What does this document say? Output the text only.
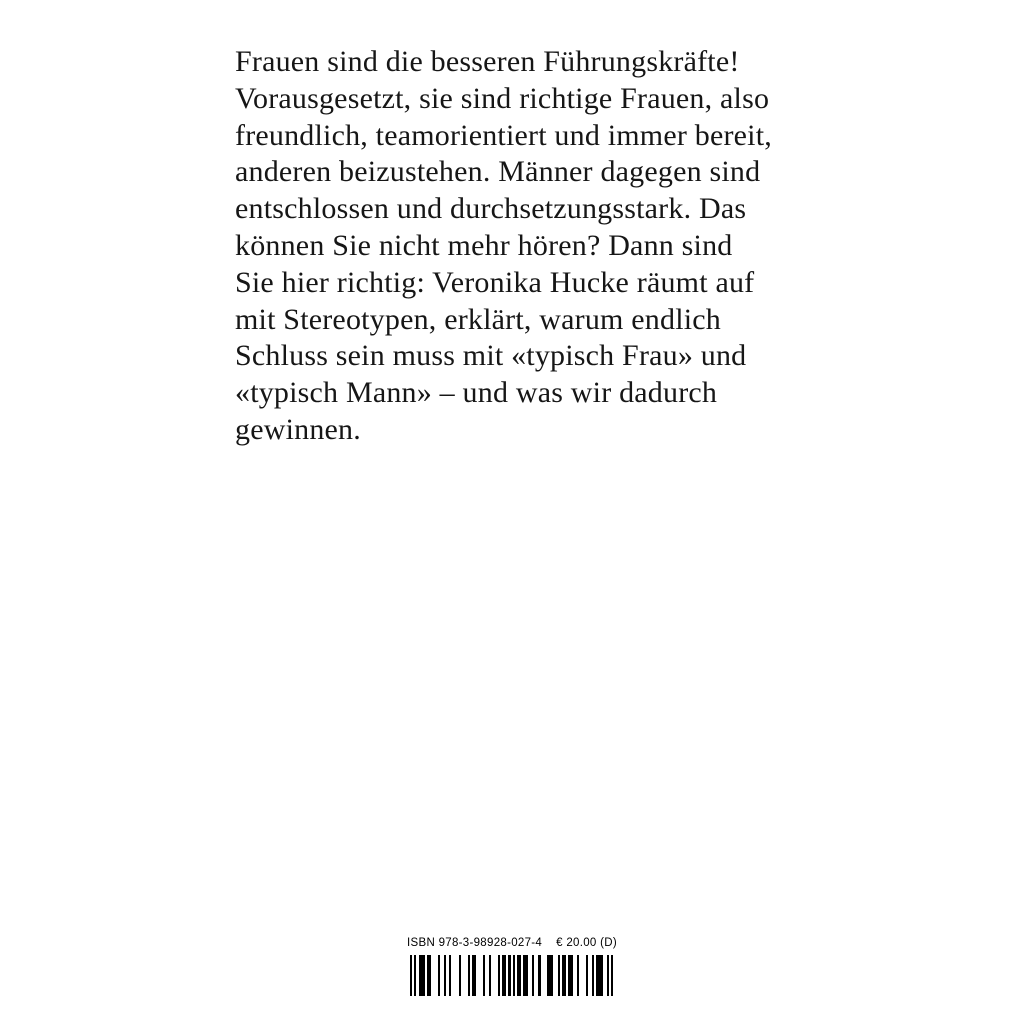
Frauen sind die besseren Führungskräfte!
Vorausgesetzt, sie sind richtige Frauen, also
freundlich, teamorientiert und immer bereit,
anderen beizustehen. Männer dagegen sind
entschlossen und durchsetzungsstark. Das
können Sie nicht mehr hören? Dann sind
Sie hier richtig: Veronika Hucke räumt auf
mit Stereotypen, erklärt, warum endlich
Schluss sein muss mit «typisch Frau» und
«typisch Mann» – und was wir dadurch
gewinnen.
ISBN 978-3-98928-027-4 € 20.00 (D)
